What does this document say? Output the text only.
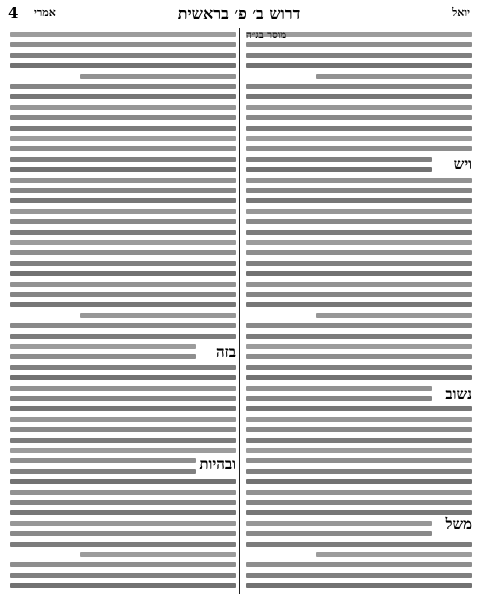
4 אמרי	דרוש ב׳ פ׳ בראשית	יואל
ויש
נשוב
משל
בזה
ובהיות
